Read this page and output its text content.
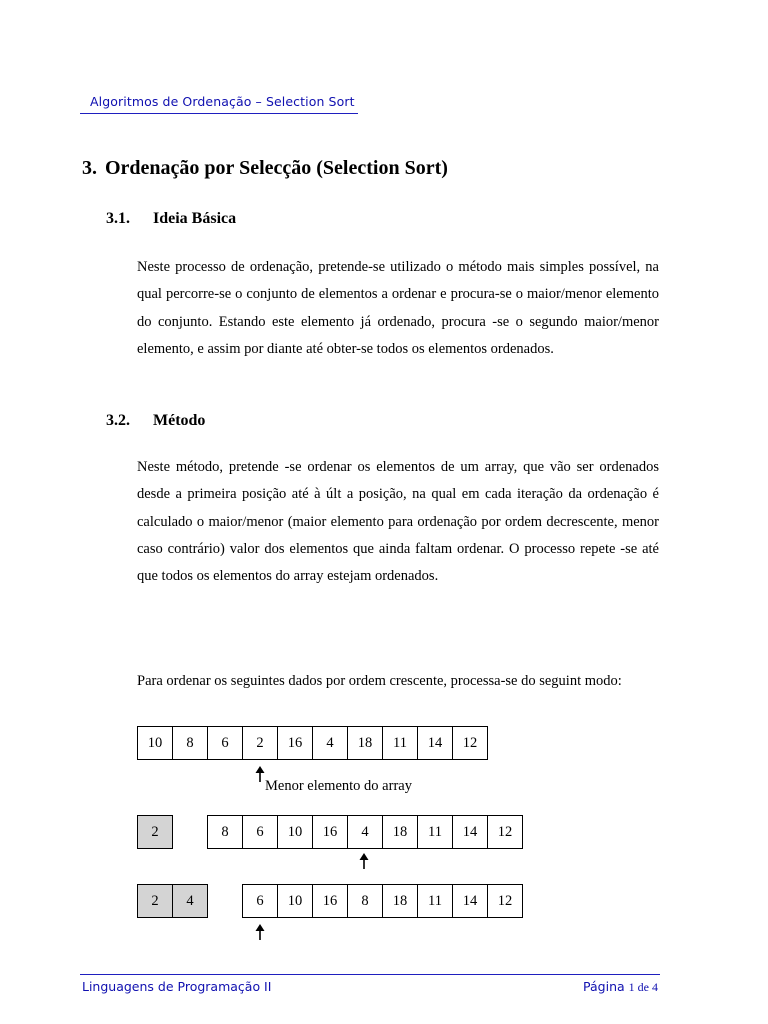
Algoritmos de Ordenação – Selection Sort
3. Ordenação por Selecção (Selection Sort)
3.1. Ideia Básica

Neste processo de ordenação, pretende-se utilizado o método mais simples possível, na qual percorre-se o conjunto de elementos a ordenar e procura-se o maior/menor elemento do conjunto. Estando este elemento já ordenado, procura -se o segundo maior/menor elemento, e assim por diante até obter-se todos os elementos ordenados.

3.2. Método

Neste método, pretende -se ordenar os elementos de um array, que vão ser ordenados desde a primeira posição até à últ a posição, na qual em cada iteração da ordenação é calculado o maior/menor (maior elemento para ordenação por ordem decrescente, menor caso contrário) valor dos elementos que ainda faltam ordenar. O processo repete -se até que todos os elementos do array estejam ordenados.

Para ordenar os seguintes dados por ordem crescente, processa-se do seguint modo:

10	8	6	2	16	4	18	11	14	12
Menor elemento do array
2	8	6	10	16	4	18	11	14	12
2	4	6	10	16	8	18	11	14	12
Linguagens de Programação II	Página 1 de 4
